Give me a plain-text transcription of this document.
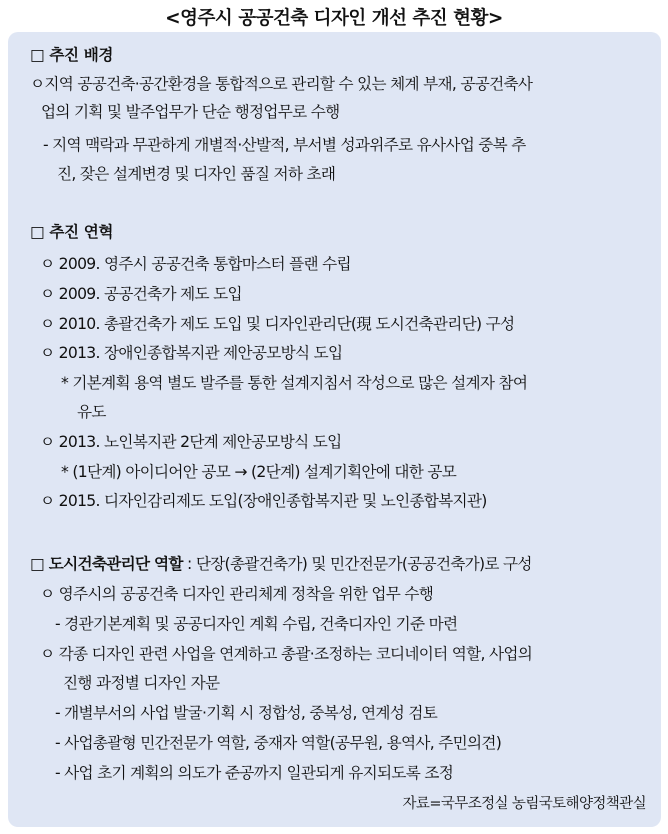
<영주시 공공건축 디자인 개선 추진 현황>
□ 추진 배경
ㅇ지역 공공건축·공간환경을 통합적으로 관리할 수 있는 체계 부재, 공공건축사
업의 기획 및 발주업무가 단순 행정업무로 수행
- 지역 맥락과 무관하게 개별적·산발적, 부서별 성과위주로 유사사업 중복 추
진, 잦은 설계변경 및 디자인 품질 저하 초래
□ 추진 연혁
ㅇ 2009. 영주시 공공건축 통합마스터 플랜 수립
ㅇ 2009. 공공건축가 제도 도입
ㅇ 2010. 총괄건축가 제도 도입 및 디자인관리단(現 도시건축관리단) 구성
ㅇ 2013. 장애인종합복지관 제안공모방식 도입
* 기본계획 용역 별도 발주를 통한 설계지침서 작성으로 많은 설계자 참여
유도
ㅇ 2013. 노인복지관 2단계 제안공모방식 도입
* (1단계) 아이디어안 공모 → (2단계) 설계기획안에 대한 공모
ㅇ 2015. 디자인감리제도 도입(장애인종합복지관 및 노인종합복지관)
□ 도시건축관리단 역할 : 단장(총괄건축가) 및 민간전문가(공공건축가)로 구성
ㅇ 영주시의 공공건축 디자인 관리체계 정착을 위한 업무 수행
- 경관기본계획 및 공공디자인 계획 수립, 건축디자인 기준 마련
ㅇ 각종 디자인 관련 사업을 연계하고 총괄·조정하는 코디네이터 역할, 사업의
진행 과정별 디자인 자문
- 개별부서의 사업 발굴·기획 시 정합성, 중복성, 연계성 검토
- 사업총괄형 민간전문가 역할, 중재자 역할(공무원, 용역사, 주민의견)
- 사업 초기 계획의 의도가 준공까지 일관되게 유지되도록 조정
자료=국무조정실 농림국토해양정책관실
